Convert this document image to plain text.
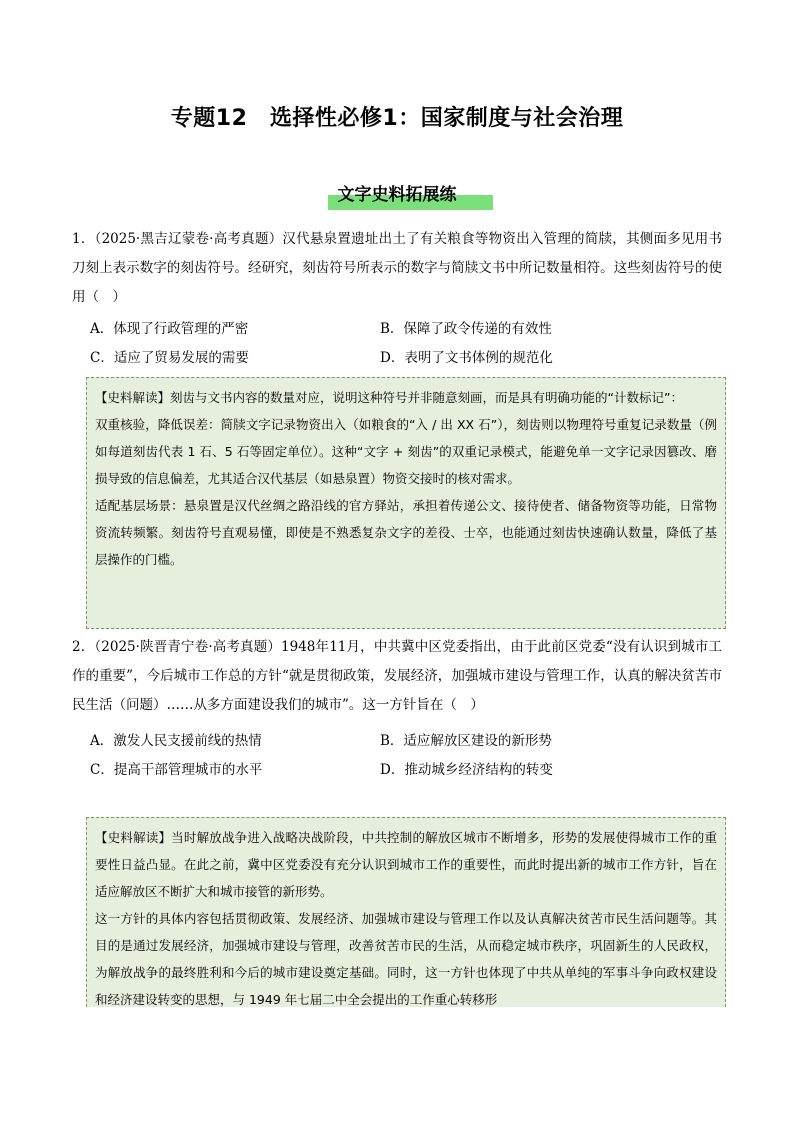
专题12　选择性必修1：国家制度与社会治理
文字史料拓展练

1．（2025·黑吉辽蒙卷·高考真题）汉代悬泉置遗址出土了有关粮食等物资出入管理的简牍，其侧面多见用书刀刻上表示数字的刻齿符号。经研究，刻齿符号所表示的数字与简牍文书中所记数量相符。这些刻齿符号的使用（　）

A．体现了行政管理的严密	B．保障了政令传递的有效性
C．适应了贸易发展的需要	D．表明了文书体例的规范化

【史料解读】刻齿与文书内容的数量对应，说明这种符号并非随意刻画，而是具有明确功能的“计数标记”：

双重核验，降低误差：简牍文字记录物资出入（如粮食的“入 / 出 XX 石”），刻齿则以物理符号重复记录数量（例如每道刻齿代表 1 石、5 石等固定单位）。这种“文字 + 刻齿”的双重记录模式，能避免单一文字记录因篡改、磨损导致的信息偏差，尤其适合汉代基层（如悬泉置）物资交接时的核对需求。

适配基层场景：悬泉置是汉代丝绸之路沿线的官方驿站，承担着传递公文、接待使者、储备物资等功能，日常物资流转频繁。刻齿符号直观易懂，即使是不熟悉复杂文字的差役、士卒，也能通过刻齿快速确认数量，降低了基层操作的门槛。

2．（2025·陕晋青宁卷·高考真题）1948年11月，中共冀中区党委指出，由于此前区党委“没有认识到城市工作的重要”，今后城市工作总的方针“就是贯彻政策，发展经济，加强城市建设与管理工作，认真的解决贫苦市民生活（问题）……从多方面建设我们的城市”。这一方针旨在（　）

A．激发人民支援前线的热情	B．适应解放区建设的新形势
C．提高干部管理城市的水平	D．推动城乡经济结构的转变

【史料解读】当时解放战争进入战略决战阶段，中共控制的解放区城市不断增多，形势的发展使得城市工作的重要性日益凸显。在此之前，冀中区党委没有充分认识到城市工作的重要性，而此时提出新的城市工作方针，旨在适应解放区不断扩大和城市接管的新形势。

这一方针的具体内容包括贯彻政策、发展经济、加强城市建设与管理工作以及认真解决贫苦市民生活问题等。其目的是通过发展经济，加强城市建设与管理，改善贫苦市民的生活，从而稳定城市秩序，巩固新生的人民政权，为解放战争的最终胜利和今后的城市建设奠定基础。同时，这一方针也体现了中共从单纯的军事斗争向政权建设和经济建设转变的思想，与 1949 年七届二中全会提出的工作重心转移形
